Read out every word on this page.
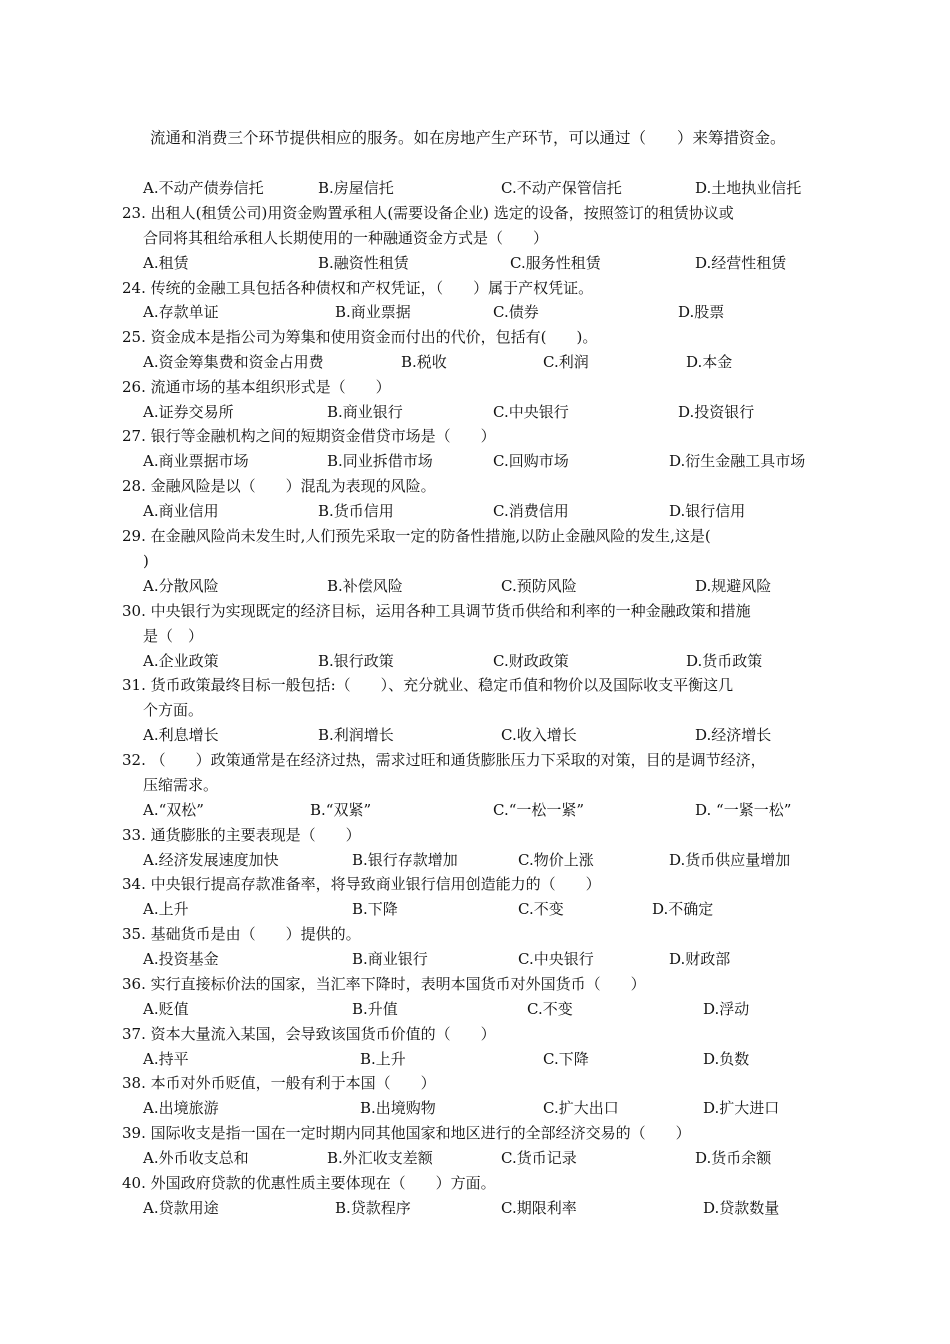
流通和消费三个环节提供相应的服务。如在房地产生产环节，可以通过（　　）来筹措资金。
A.不动产债券信托	B.房屋信托	C.不动产保管信托	D.土地执业信托
23. 出租人(租赁公司)用资金购置承租人(需要设备企业) 选定的设备，按照签订的租赁协议或
合同将其租给承租人长期使用的一种融通资金方式是（　　）
A.租赁	B.融资性租赁	C.服务性租赁	D.经营性租赁
24. 传统的金融工具包括各种债权和产权凭证，（　　）属于产权凭证。
A.存款单证	B.商业票据	C.债券	D.股票
25. 资金成本是指公司为筹集和使用资金而付出的代价，包括有(　　)。
A.资金筹集费和资金占用费	B.税收	C.利润	D.本金
26. 流通市场的基本组织形式是（　　）
A.证券交易所	B.商业银行	C.中央银行	D.投资银行
27. 银行等金融机构之间的短期资金借贷市场是（　　）
A.商业票据市场	B.同业拆借市场	C.回购市场	D.衍生金融工具市场
28. 金融风险是以（　　）混乱为表现的风险。
A.商业信用	B.货币信用	C.消费信用	D.银行信用
29. 在金融风险尚未发生时,人们预先采取一定的防备性措施,以防止金融风险的发生,这是(
)
A.分散风险	B.补偿风险	C.预防风险	D.规避风险
30. 中央银行为实现既定的经济目标，运用各种工具调节货币供给和利率的一种金融政策和措施
是（　）
A.企业政策	B.银行政策	C.财政政策	D.货币政策
31. 货币政策最终目标一般包括:（　　）、充分就业、稳定币值和物价以及国际收支平衡这几
个方面。
A.利息增长	B.利润增长	C.收入增长	D.经济增长
32. （　　）政策通常是在经济过热，需求过旺和通货膨胀压力下采取的对策，目的是调节经济，
压缩需求。
A.“双松”	B.“双紧”	C.“一松一紧”	D. “一紧一松”
33. 通货膨胀的主要表现是（　　）
A.经济发展速度加快	B.银行存款增加	C.物价上涨	D.货币供应量增加
34. 中央银行提高存款准备率，将导致商业银行信用创造能力的（　　）
A.上升	B.下降	C.不变	D.不确定
35. 基础货币是由（　　）提供的。
A.投资基金	B.商业银行	C.中央银行	D.财政部
36. 实行直接标价法的国家，当汇率下降时，表明本国货币对外国货币（　　）
A.贬值	B.升值	C.不变	D.浮动
37. 资本大量流入某国，会导致该国货币价值的（　　）
A.持平	B.上升	C.下降	D.负数
38. 本币对外币贬值，一般有利于本国（　　）
A.出境旅游	B.出境购物	C.扩大出口	D.扩大进口
39. 国际收支是指一国在一定时期内同其他国家和地区进行的全部经济交易的（　　）
A.外币收支总和	B.外汇收支差额	C.货币记录	D.货币余额
40. 外国政府贷款的优惠性质主要体现在（　　）方面。
A.贷款用途	B.贷款程序	C.期限利率	D.贷款数量
